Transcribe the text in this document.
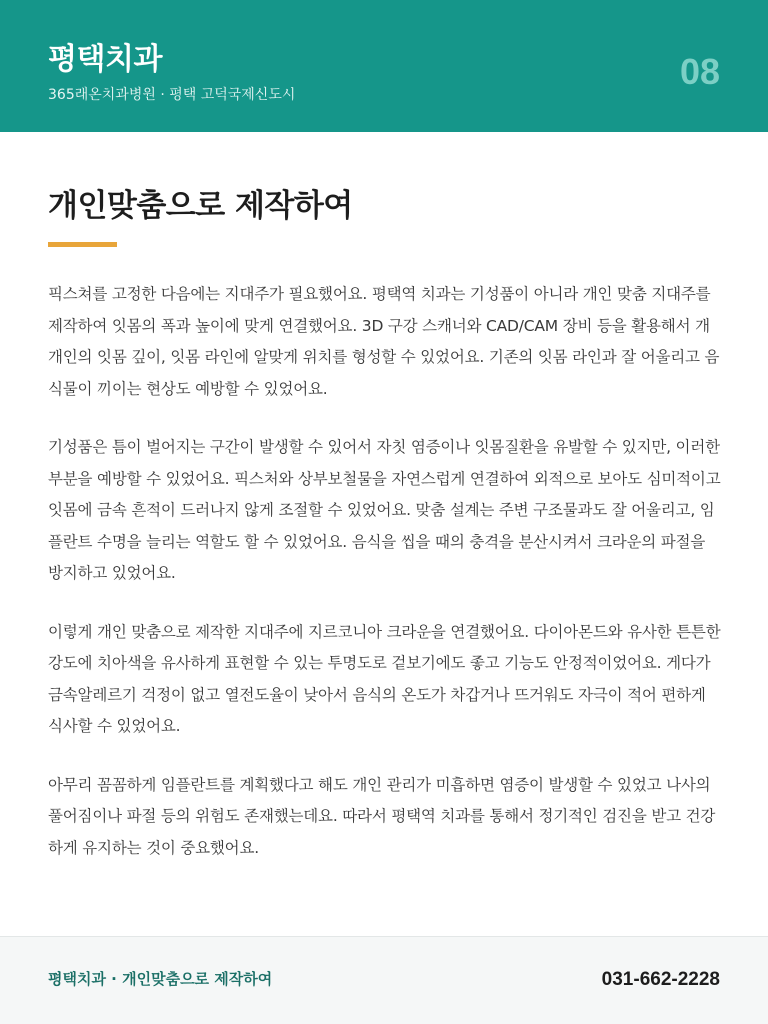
평택치과
365래온치과병원 · 평택 고덕국제신도시
08
개인맞춤으로 제작하여

픽스쳐를 고정한 다음에는 지대주가 필요했어요. 평택역 치과는 기성품이 아니라 개인 맞춤 지대주를 제작하여 잇몸의 폭과 높이에 맞게 연결했어요. 3D 구강 스캐너와 CAD/CAM 장비 등을 활용해서 개개인의 잇몸 깊이, 잇몸 라인에 알맞게 위치를 형성할 수 있었어요. 기존의 잇몸 라인과 잘 어울리고 음식물이 끼이는 현상도 예방할 수 있었어요.

기성품은 틈이 벌어지는 구간이 발생할 수 있어서 자칫 염증이나 잇몸질환을 유발할 수 있지만, 이러한 부분을 예방할 수 있었어요. 픽스처와 상부보철물을 자연스럽게 연결하여 외적으로 보아도 심미적이고 잇몸에 금속 흔적이 드러나지 않게 조절할 수 있었어요. 맞춤 설계는 주변 구조물과도 잘 어울리고, 임플란트 수명을 늘리는 역할도 할 수 있었어요. 음식을 씹을 때의 충격을 분산시켜서 크라운의 파절을 방지하고 있었어요.

이렇게 개인 맞춤으로 제작한 지대주에 지르코니아 크라운을 연결했어요. 다이아몬드와 유사한 튼튼한 강도에 치아색을 유사하게 표현할 수 있는 투명도로 겉보기에도 좋고 기능도 안정적이었어요. 게다가 금속알레르기 걱정이 없고 열전도율이 낮아서 음식의 온도가 차갑거나 뜨거워도 자극이 적어 편하게 식사할 수 있었어요.

아무리 꼼꼼하게 임플란트를 계획했다고 해도 개인 관리가 미흡하면 염증이 발생할 수 있었고 나사의 풀어짐이나 파절 등의 위험도 존재했는데요. 따라서 평택역 치과를 통해서 정기적인 검진을 받고 건강하게 유지하는 것이 중요했어요.

평택치과 · 개인맞춤으로 제작하여	031-662-2228
